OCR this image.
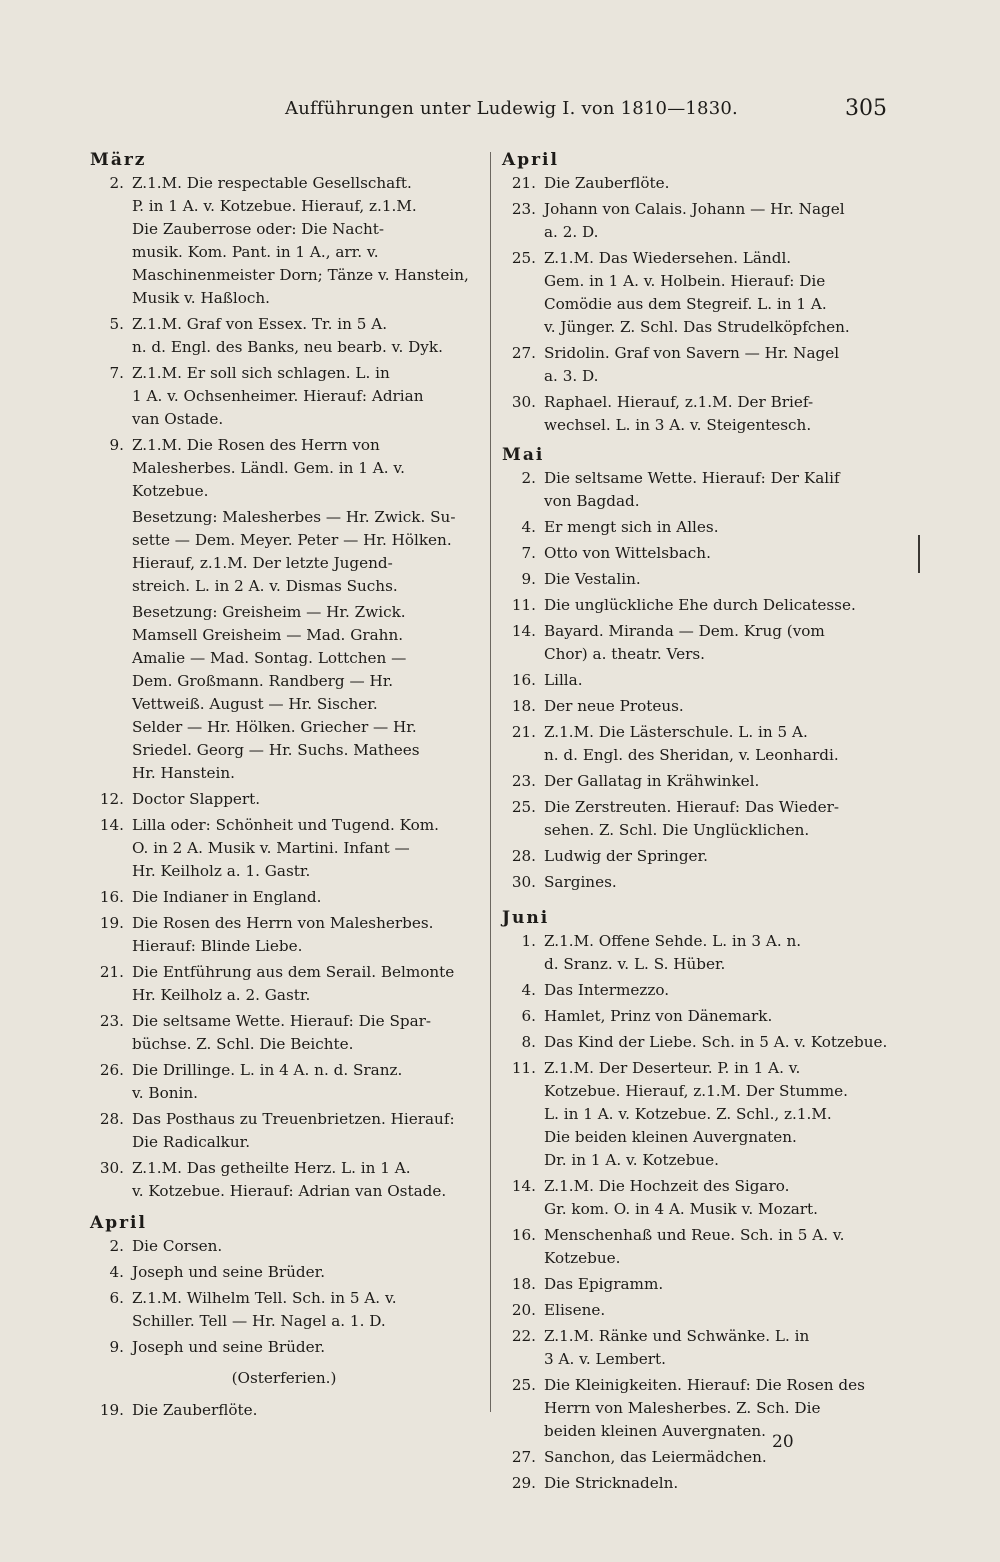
Aufführungen unter Ludewig I. von 1810—1830.	305
März
2. Z.1.M. Die respectable Gesellschaft.
P. in 1 A. v. Kotzebue. Hierauf, z.1.M.
Die Zauberrose oder: Die Nacht-
musik. Kom. Pant. in 1 A., arr. v.
Maschinenmeister Dorn; Tänze v. Hanstein,
Musik v. Haßloch.
5. Z.1.M. Graf von Essex. Tr. in 5 A.
n. d. Engl. des Banks, neu bearb. v. Dyk.
7. Z.1.M. Er soll sich schlagen. L. in
1 A. v. Ochsenheimer. Hierauf: Adrian
van Ostade.
9. Z.1.M. Die Rosen des Herrn von
Malesherbes. Ländl. Gem. in 1 A. v.
Kotzebue.
Besetzung: Malesherbes — Hr. Zwick. Su-
sette — Dem. Meyer. Peter — Hr. Hölken.
Hierauf, z.1.M. Der letzte Jugend-
streich. L. in 2 A. v. Dismas Suchs.
Besetzung: Greisheim — Hr. Zwick.
Mamsell Greisheim — Mad. Grahn.
Amalie — Mad. Sontag. Lottchen —
Dem. Großmann. Randberg — Hr.
Vettweiß. August — Hr. Sischer.
Selder — Hr. Hölken. Griecher — Hr.
Sriedel. Georg — Hr. Suchs. Mathees
Hr. Hanstein.
12. Doctor Slappert.
14. Lilla oder: Schönheit und Tugend. Kom.
O. in 2 A. Musik v. Martini. Infant —
Hr. Keilholz a. 1. Gastr.
16. Die Indianer in England.
19. Die Rosen des Herrn von Malesherbes.
Hierauf: Blinde Liebe.
21. Die Entführung aus dem Serail. Belmonte
Hr. Keilholz a. 2. Gastr.
23. Die seltsame Wette. Hierauf: Die Spar-
büchse. Z. Schl. Die Beichte.
26. Die Drillinge. L. in 4 A. n. d. Sranz.
v. Bonin.
28. Das Posthaus zu Treuenbrietzen. Hierauf:
Die Radicalkur.
30. Z.1.M. Das getheilte Herz. L. in 1 A.
v. Kotzebue. Hierauf: Adrian van Ostade.
April
2. Die Corsen.
4. Joseph und seine Brüder.
6. Z.1.M. Wilhelm Tell. Sch. in 5 A. v.
Schiller. Tell — Hr. Nagel a. 1. D.
9. Joseph und seine Brüder.
(Osterferien.)
19. Die Zauberflöte.
April
21. Die Zauberflöte.
23. Johann von Calais. Johann — Hr. Nagel
a. 2. D.
25. Z.1.M. Das Wiedersehen. Ländl.
Gem. in 1 A. v. Holbein. Hierauf: Die
Comödie aus dem Stegreif. L. in 1 A.
v. Jünger. Z. Schl. Das Strudelköpfchen.
27. Sridolin. Graf von Savern — Hr. Nagel
a. 3. D.
30. Raphael. Hierauf, z.1.M. Der Brief-
wechsel. L. in 3 A. v. Steigentesch.
Mai
2. Die seltsame Wette. Hierauf: Der Kalif
von Bagdad.
4. Er mengt sich in Alles.
7. Otto von Wittelsbach.
9. Die Vestalin.
11. Die unglückliche Ehe durch Delicatesse.
14. Bayard. Miranda — Dem. Krug (vom
Chor) a. theatr. Vers.
16. Lilla.
18. Der neue Proteus.
21. Z.1.M. Die Lästerschule. L. in 5 A.
n. d. Engl. des Sheridan, v. Leonhardi.
23. Der Gallatag in Krähwinkel.
25. Die Zerstreuten. Hierauf: Das Wieder-
sehen. Z. Schl. Die Unglücklichen.
28. Ludwig der Springer.
30. Sargines.
Juni
1. Z.1.M. Offene Sehde. L. in 3 A. n.
d. Sranz. v. L. S. Hüber.
4. Das Intermezzo.
6. Hamlet, Prinz von Dänemark.
8. Das Kind der Liebe. Sch. in 5 A. v. Kotzebue.
11. Z.1.M. Der Deserteur. P. in 1 A. v.
Kotzebue. Hierauf, z.1.M. Der Stumme.
L. in 1 A. v. Kotzebue. Z. Schl., z.1.M.
Die beiden kleinen Auvergnaten.
Dr. in 1 A. v. Kotzebue.
14. Z.1.M. Die Hochzeit des Sigaro.
Gr. kom. O. in 4 A. Musik v. Mozart.
16. Menschenhaß und Reue. Sch. in 5 A. v.
Kotzebue.
18. Das Epigramm.
20. Elisene.
22. Z.1.M. Ränke und Schwänke. L. in
3 A. v. Lembert.
25. Die Kleinigkeiten. Hierauf: Die Rosen des
Herrn von Malesherbes. Z. Sch. Die
beiden kleinen Auvergnaten.
27. Sanchon, das Leiermädchen.
29. Die Stricknadeln.
20
